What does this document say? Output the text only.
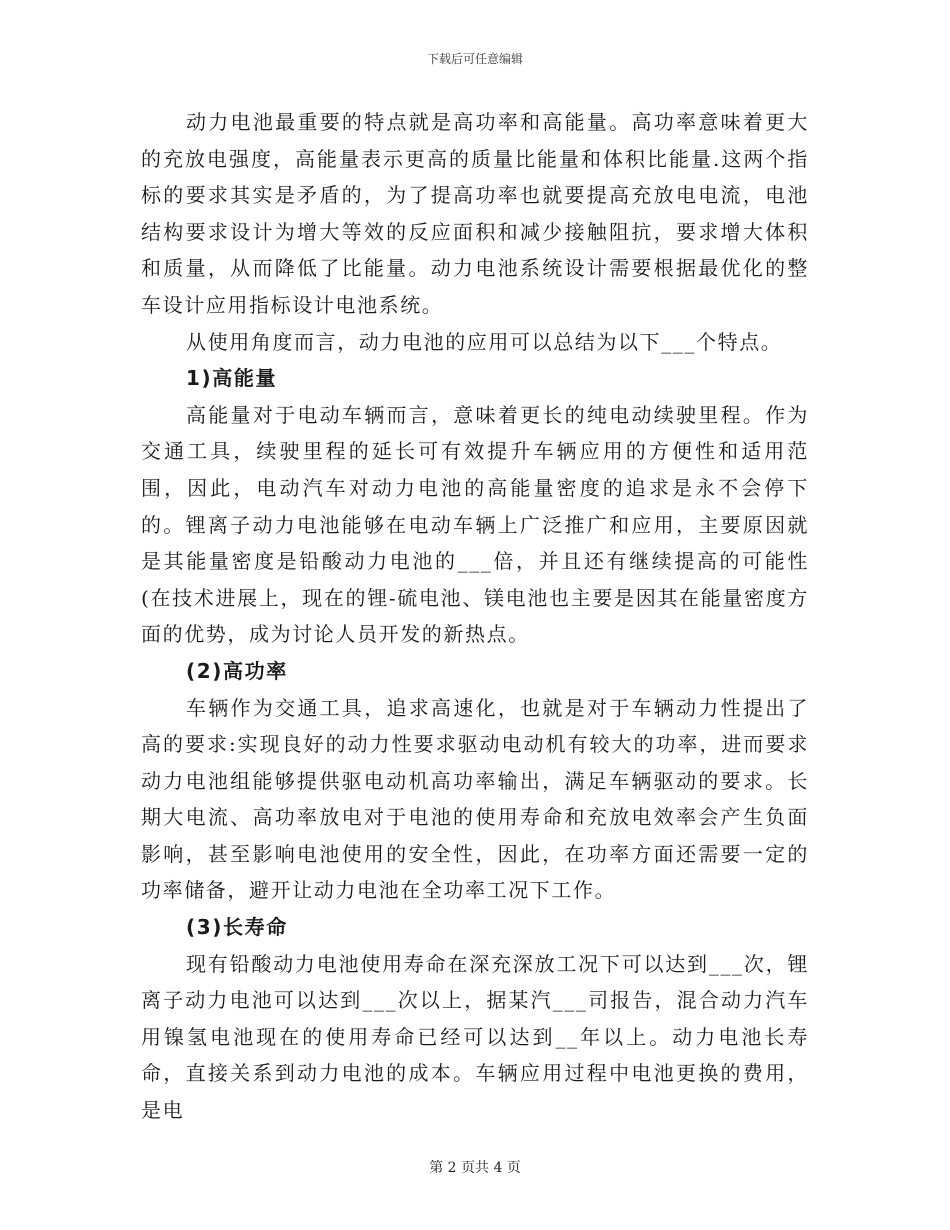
下载后可任意编辑

动力电池最重要的特点就是高功率和高能量。高功率意味着更大的充放电强度，高能量表示更高的质量比能量和体积比能量.这两个指标的要求其实是矛盾的，为了提高功率也就要提高充放电电流，电池结构要求设计为增大等效的反应面积和减少接触阻抗，要求增大体积和质量，从而降低了比能量。动力电池系统设计需要根据最优化的整车设计应用指标设计电池系统。

从使用角度而言，动力电池的应用可以总结为以下___个特点。

1)高能量

高能量对于电动车辆而言，意味着更长的纯电动续驶里程。作为交通工具，续驶里程的延长可有效提升车辆应用的方便性和适用范围，因此，电动汽车对动力电池的高能量密度的追求是永不会停下的。锂离子动力电池能够在电动车辆上广泛推广和应用，主要原因就是其能量密度是铅酸动力电池的___倍，并且还有继续提高的可能性(在技术进展上，现在的锂-硫电池、镁电池也主要是因其在能量密度方面的优势，成为讨论人员开发的新热点。

(2)高功率

车辆作为交通工具，追求高速化，也就是对于车辆动力性提出了高的要求:实现良好的动力性要求驱动电动机有较大的功率，进而要求动力电池组能够提供驱电动机高功率输出，满足车辆驱动的要求。长期大电流、高功率放电对于电池的使用寿命和充放电效率会产生负面影响，甚至影响电池使用的安全性，因此，在功率方面还需要一定的功率储备，避开让动力电池在全功率工况下工作。

(3)长寿命

现有铅酸动力电池使用寿命在深充深放工况下可以达到___次，锂离子动力电池可以达到___次以上，据某汽___司报告，混合动力汽车用镍氢电池现在的使用寿命已经可以达到__年以上。动力电池长寿命，直接关系到动力电池的成本。车辆应用过程中电池更换的费用，是电

第 2 页共 4 页
